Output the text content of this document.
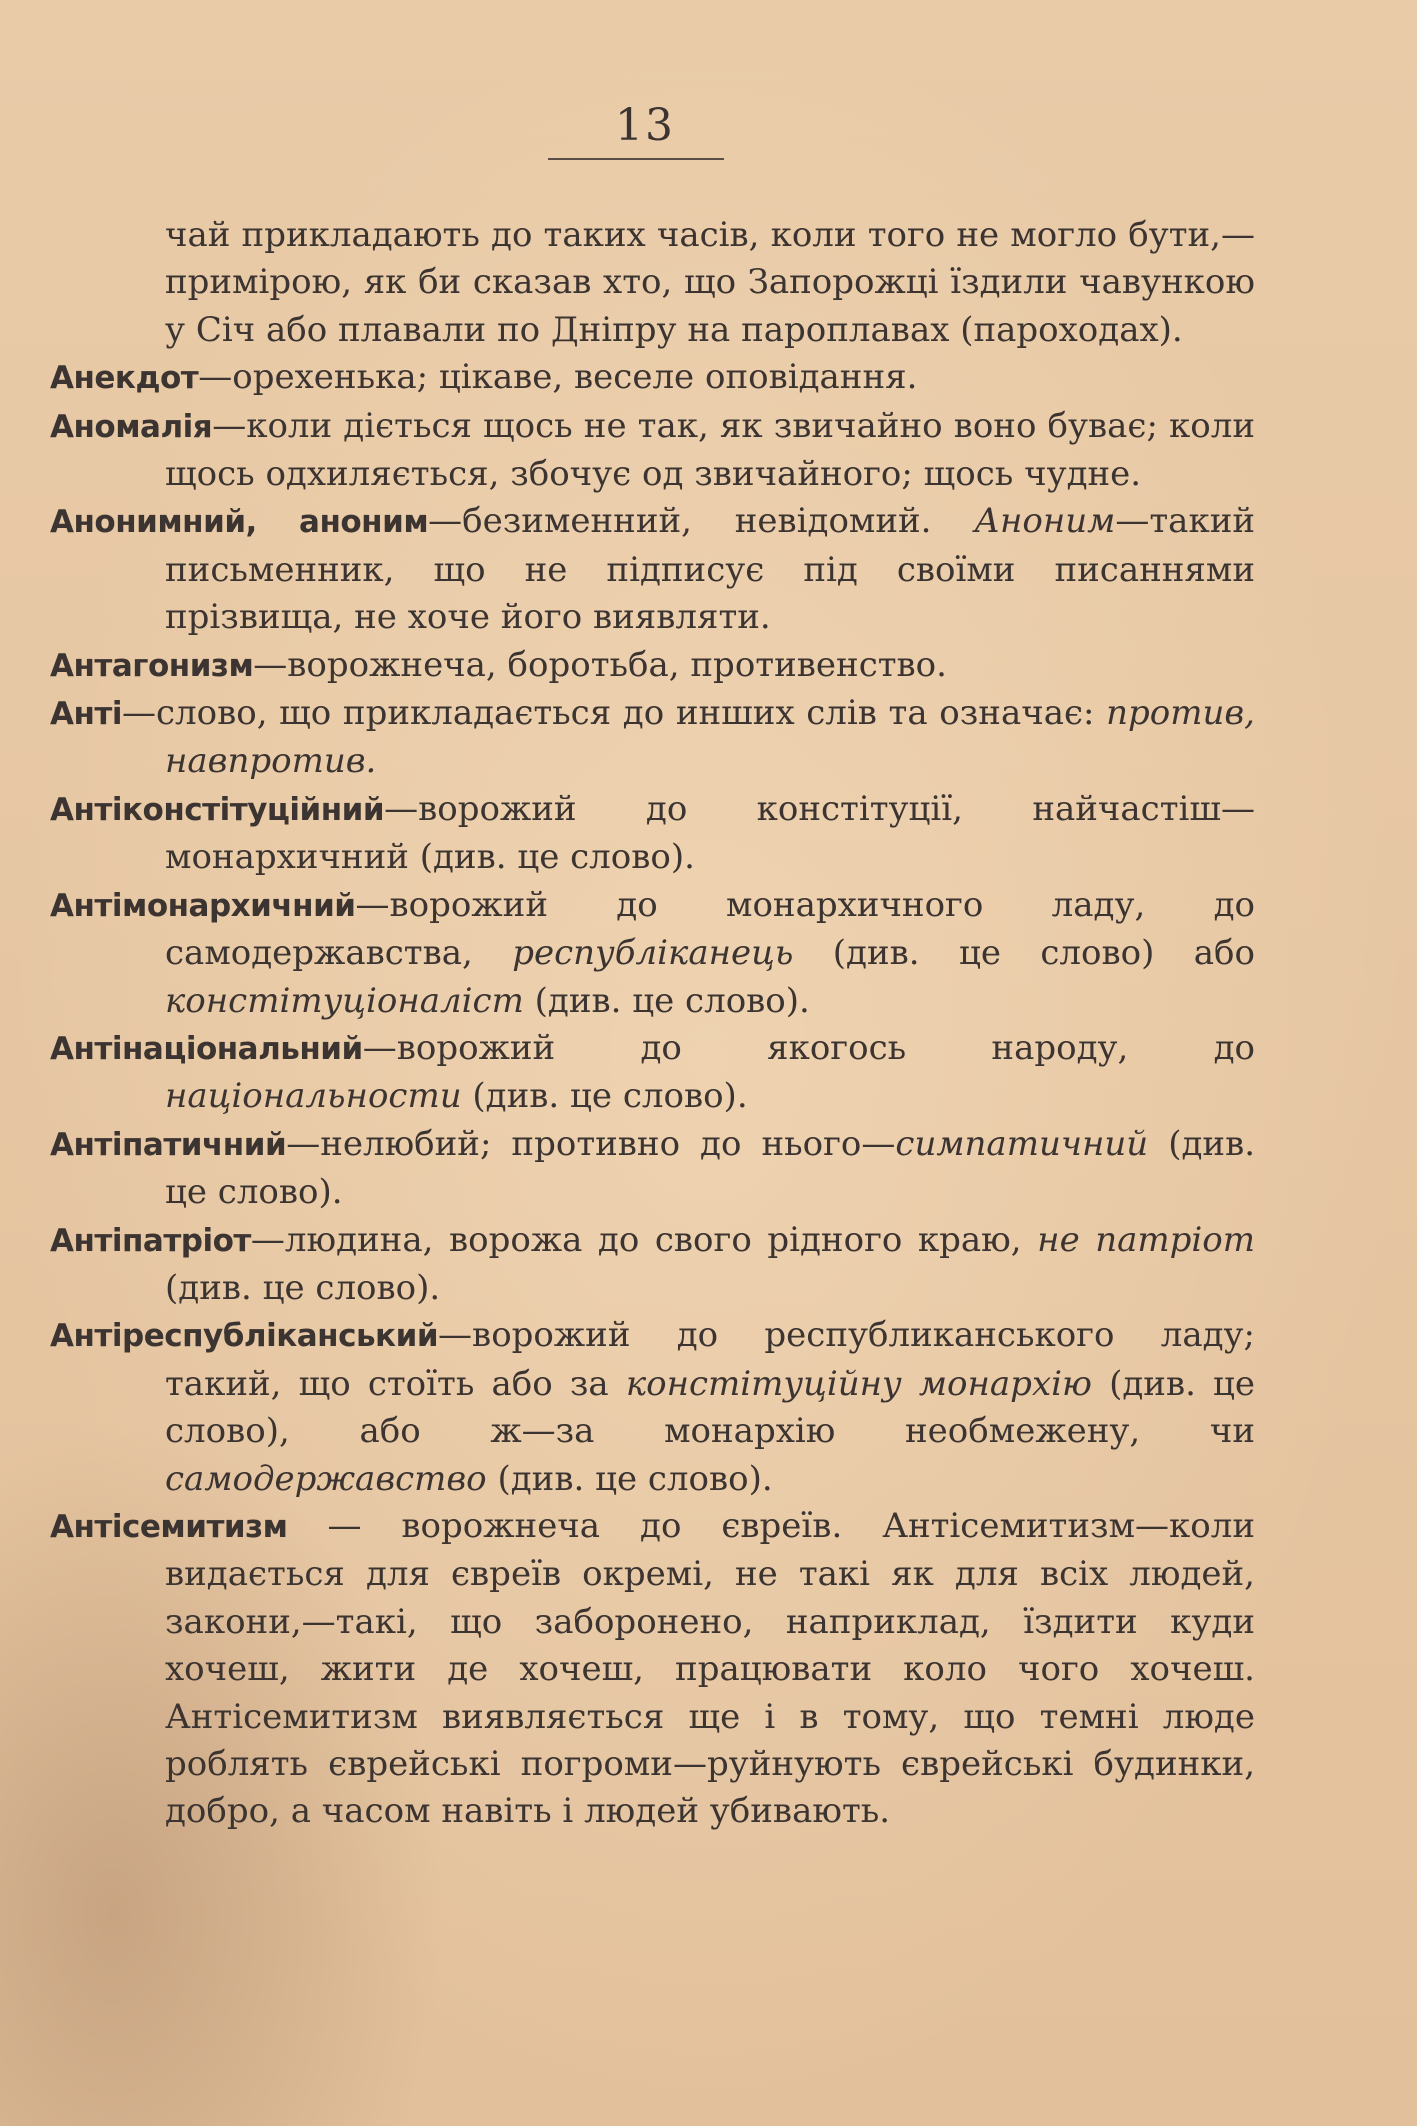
13

чай прикладають до таких часів, коли того не могло бути,—примірою, як би сказав хто, що Запорожці їздили чавункою у Січ або плавали по Дніпру на пароплавах (пароходах).

Анекдот—орехенька; цікаве, веселе оповідання.

Аномалія—коли діється щось не так, як звичайно воно буває; коли щось одхиляється, збочує од звичайного; щось чудне.

Анонимний, аноним—безименний, невідомий. Аноним—такий письменник, що не підписує під своїми писаннями прізвища, не хоче його виявляти.

Антагонизм—ворожнеча, боротьба, противенство.

Анті—слово, що прикладається до инших слів та означає: против, навпротив.

Антіконстітуційний—ворожий до констітуції, найчастіш—монархичний (див. це слово).

Антімонархичний—ворожий до монархичного ладу, до самодержавства, республіканець (див. це слово) або констітуціоналіст (див. це слово).

Антінаціональний—ворожий до якогось народу, до національности (див. це слово).

Антіпатичний—нелюбий; противно до нього—симпатичний (див. це слово).

Антіпатріот—людина, ворожа до свого рідного краю, не патріот (див. це слово).

Антіреспубліканський—ворожий до республиканського ладу; такий, що стоїть або за констітуційну монархію (див. це слово), або ж—за монархію необмежену, чи самодержавство (див. це слово).

Антісемитизм — ворожнеча до євреїв. Антісемитизм—коли видається для євреїв окремі, не такі як для всіх людей, закони,—такі, що заборонено, наприклад, їздити куди хочеш, жити де хочеш, працювати коло чого хочеш. Антісемитизм виявляється ще і в тому, що темні люде роблять єврейські погроми—руйнують єврейські будинки, добро, а часом навіть і людей убивають.
